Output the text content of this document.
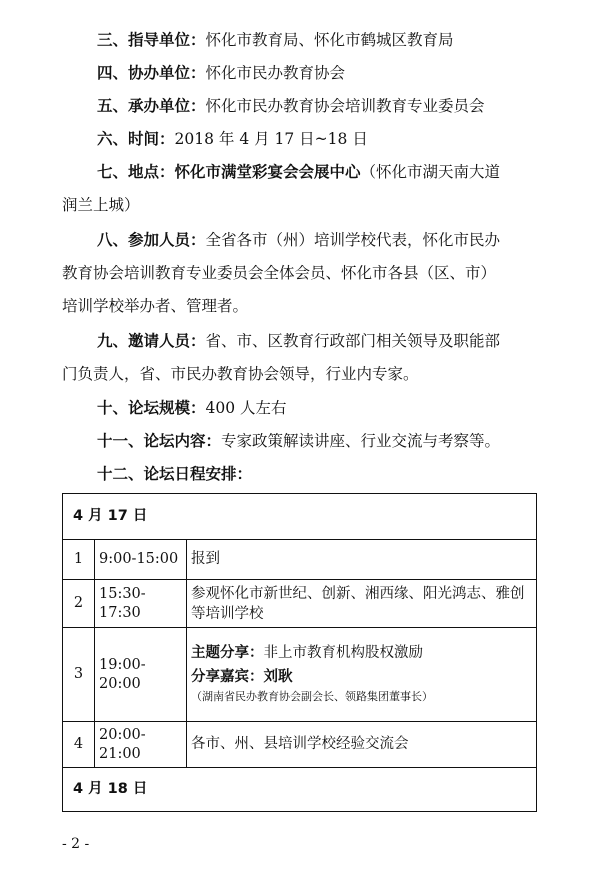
三、指导单位：怀化市教育局、怀化市鹤城区教育局
四、协办单位：怀化市民办教育协会
五、承办单位：怀化市民办教育协会培训教育专业委员会
六、时间：2018 年 4 月 17 日~18 日
七、地点：怀化市满堂彩宴会会展中心（怀化市湖天南大道
润兰上城）
八、参加人员：全省各市（州）培训学校代表，怀化市民办
教育协会培训教育专业委员会全体会员、怀化市各县（区、市）
培训学校举办者、管理者。
九、邀请人员：省、市、区教育行政部门相关领导及职能部
门负责人，省、市民办教育协会领导，行业内专家。
十、论坛规模：400 人左右
十一、论坛内容：专家政策解读讲座、行业交流与考察等。
十二、论坛日程安排：
4 月 17 日		
1	9:00-15:00	报到
2	15:30-17:30	参观怀化市新世纪、创新、湘西缘、阳光鸿志、雅创等培训学校
3	19:00-20:00	主题分享：非上市教育机构股权激励
分享嘉宾：刘耿（湖南省民办教育协会副会长、领路集团董事长）

4	20:00-21:00	各市、州、县培训学校经验交流会
4 月 18 日		
- 2 -
